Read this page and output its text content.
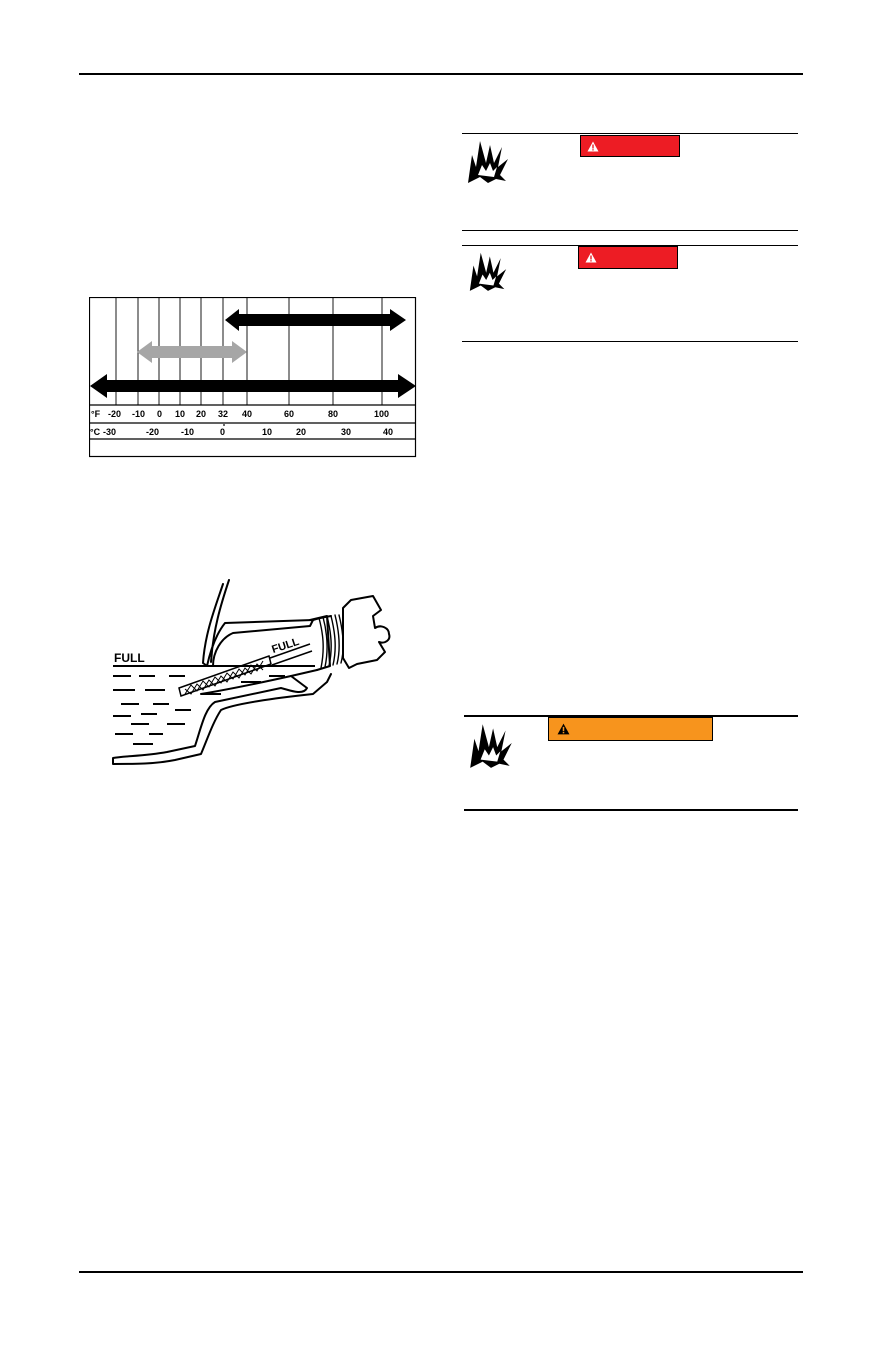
°F -20 -10 0 10 20 32 40	60	80	100
°C -30	-20 -10	0	10	20	30	40
FULL
FULL
